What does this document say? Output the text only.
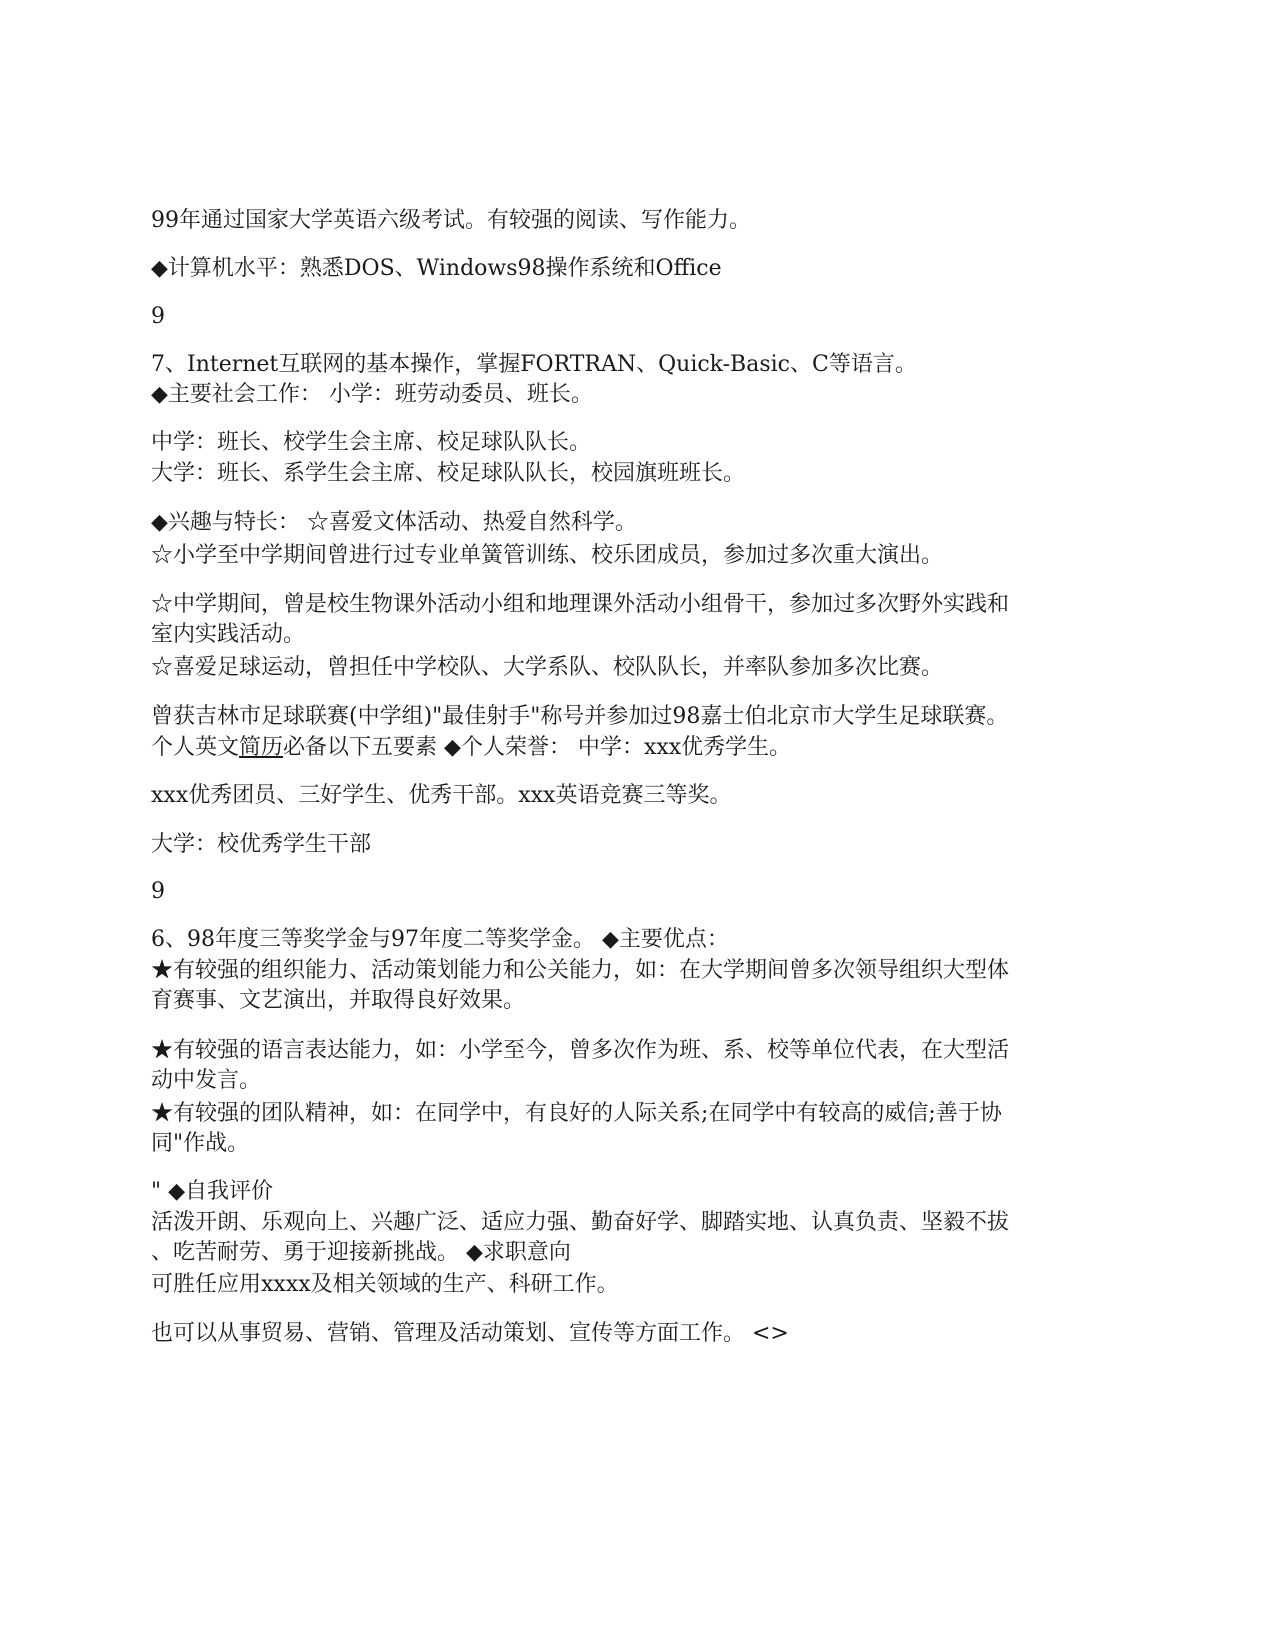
99年通过国家大学英语六级考试。有较强的阅读、写作能力。
◆计算机水平：熟悉DOS、Windows98操作系统和Office
9
7、Internet互联网的基本操作，掌握FORTRAN、Quick-Basic、C等语言。
◆主要社会工作： 小学：班劳动委员、班长。
中学：班长、校学生会主席、校足球队队长。
大学：班长、系学生会主席、校足球队队长，校园旗班班长。
◆兴趣与特长： ☆喜爱文体活动、热爱自然科学。
☆小学至中学期间曾进行过专业单簧管训练、校乐团成员，参加过多次重大演出。
☆中学期间，曾是校生物课外活动小组和地理课外活动小组骨干，参加过多次野外实践和
室内实践活动。
☆喜爱足球运动，曾担任中学校队、大学系队、校队队长，并率队参加多次比赛。
曾获吉林市足球联赛(中学组)"最佳射手"称号并参加过98嘉士伯北京市大学生足球联赛。
个人英文简历必备以下五要素 ◆个人荣誉： 中学：xxx优秀学生。
xxx优秀团员、三好学生、优秀干部。xxx英语竞赛三等奖。
大学：校优秀学生干部
9
6、98年度三等奖学金与97年度二等奖学金。 ◆主要优点：
★有较强的组织能力、活动策划能力和公关能力，如：在大学期间曾多次领导组织大型体
育赛事、文艺演出，并取得良好效果。
★有较强的语言表达能力，如：小学至今，曾多次作为班、系、校等单位代表，在大型活
动中发言。
★有较强的团队精神，如：在同学中，有良好的人际关系;在同学中有较高的威信;善于协
同"作战。
" ◆自我评价
活泼开朗、乐观向上、兴趣广泛、适应力强、勤奋好学、脚踏实地、认真负责、坚毅不拔
、吃苦耐劳、勇于迎接新挑战。 ◆求职意向
可胜任应用xxxx及相关领域的生产、科研工作。
也可以从事贸易、营销、管理及活动策划、宣传等方面工作。 <>
